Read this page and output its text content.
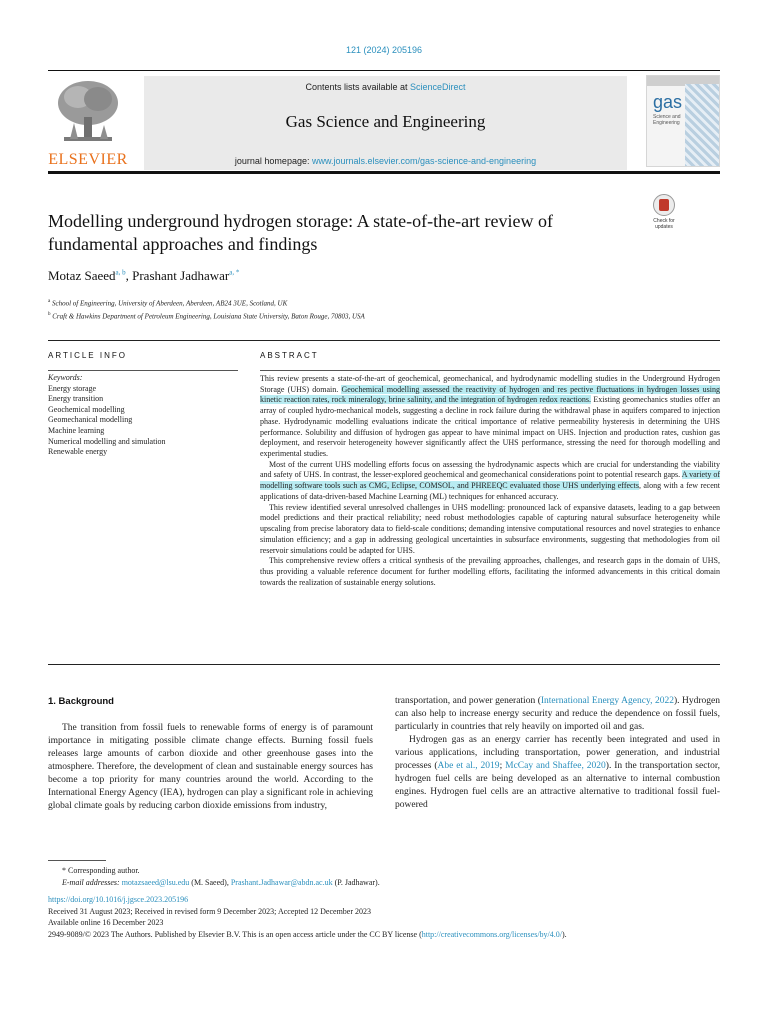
121 (2024) 205196
ELSEVIER
Contents lists available at ScienceDirect
Gas Science and Engineering
journal homepage: www.journals.elsevier.com/gas-science-and-engineering
gas
Science and Engineering
Modelling underground hydrogen storage: A state-of-the-art review of fundamental approaches and findings
Check for updates
Motaz Saeed$^{a, b}$, Prashant Jadhawar$^{a, *}$
$^a$ School of Engineering, University of Aberdeen, Aberdeen, AB24 3UE, Scotland, UK
$^b$ Craft & Hawkins Department of Petroleum Engineering, Louisiana State University, Baton Rouge, 70803, USA
ARTICLE INFO	ABSTRACT
Keywords:
Energy storage
Energy transition
Geochemical modelling
Geomechanical modelling
Machine learning
Numerical modelling and simulation
Renewable energy

This review presents a state-of-the-art of geochemical, geomechanical, and hydrodynamic modelling studies in the Underground Hydrogen Storage (UHS) domain. Geochemical modelling assessed the reactivity of hydrogen and res pective fluctuations in hydrogen losses using kinetic reaction rates, rock mineralogy, brine salinity, and the integration of hydrogen redox reactions. Existing geomechanics studies offer an array of coupled hydro-mechanical models, suggesting a decline in rock failure during the withdrawal phase in aquifers compared to injection phase. Hydrodynamic modelling evaluations indicate the critical importance of relative permeability hysteresis in determining the UHS performance. Solubility and diffusion of hydrogen gas appear to have minimal impact on UHS. Injection and production rates, cushion gas deployment, and reservoir heterogeneity however significantly affect the UHS performance, stressing the need for thorough modelling and experimental studies.

Most of the current UHS modelling efforts focus on assessing the hydrodynamic aspects which are crucial for understanding the viability and safety of UHS. In contrast, the lesser-explored geochemical and geomechanical considerations point to potential research gaps. A variety of modelling software tools such as CMG, Eclipse, COMSOL, and PHREEQC evaluated those UHS underlying effects, along with a few recent applications of data-driven-based Machine Learning (ML) techniques for enhanced accuracy.

This review identified several unresolved challenges in UHS modelling: pronounced lack of expansive datasets, leading to a gap between model predictions and their practical reliability; need robust methodologies capable of capturing natural subsurface heterogeneity while upscaling from precise laboratory data to field-scale conditions; demanding intensive computational resources and novel strategies to enhance simulation efficiency; and a gap in addressing geological uncertainties in subsurface environments, suggesting that methodologies from oil reservoir simulations could be adapted for UHS.

This comprehensive review offers a critical synthesis of the prevailing approaches, challenges, and research gaps in the domain of UHS, thus providing a valuable reference document for further modelling efforts, facilitating the informed advancements in this critical domain towards the realization of sustainable energy solutions.

1. Background

The transition from fossil fuels to renewable forms of energy is of paramount importance in mitigating possible climate change effects. Burning fossil fuels releases large amounts of carbon dioxide and other greenhouse gases into the atmosphere. Therefore, the development of clean and sustainable energy sources has become a top priority for many countries around the world. According to the International Energy Agency (IEA), hydrogen can play a significant role in achieving global climate goals by reducing carbon dioxide emissions from industry,

transportation, and power generation (International Energy Agency, 2022). Hydrogen can also help to increase energy security and reduce the dependence on fossil fuels, particularly in countries that rely heavily on imported oil and gas.

Hydrogen gas as an energy carrier has recently been integrated and used in various applications, including transportation, power generation, and industrial processes (Abe et al., 2019; McCay and Shaffee, 2020). In the transportation sector, hydrogen fuel cells are being developed as an alternative to internal combustion engines. Hydrogen fuel cells are an attractive alternative to traditional fossil fuel-powered

* Corresponding author.
E-mail addresses: motazsaeed@lsu.edu (M. Saeed), Prashant.Jadhawar@abdn.ac.uk (P. Jadhawar).
https://doi.org/10.1016/j.jgsce.2023.205196
Received 31 August 2023; Received in revised form 9 December 2023; Accepted 12 December 2023
Available online 16 December 2023
2949-9089/© 2023 The Authors. Published by Elsevier B.V. This is an open access article under the CC BY license (http://creativecommons.org/licenses/by/4.0/).
